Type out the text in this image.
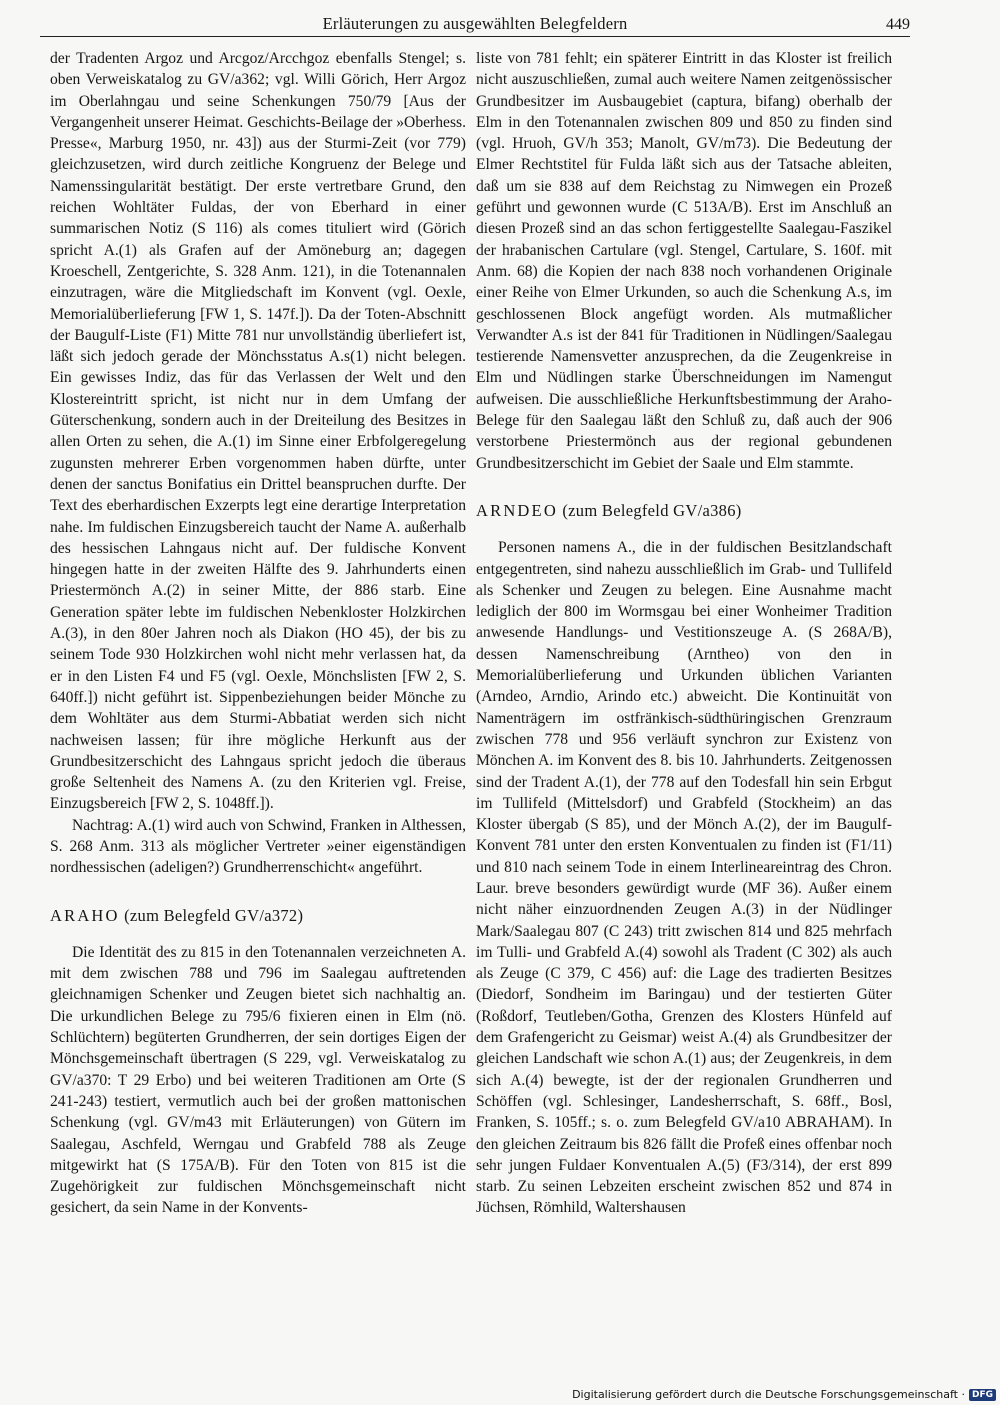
Erläuterungen zu ausgewählten Belegfeldern	449

der Tradenten Argoz und Arcgoz/Arcchgoz ebenfalls Stengel; s. oben Verweiskatalog zu GV/a362; vgl. Willi Görich, Herr Argoz im Oberlahngau und seine Schenkungen 750/79 [Aus der Vergangenheit unserer Heimat. Geschichts-Beilage der »Oberhess. Presse«, Marburg 1950, nr. 43]) aus der Sturmi-Zeit (vor 779) gleichzusetzen, wird durch zeitliche Kongruenz der Belege und Namenssingularität bestätigt. Der erste vertretbare Grund, den reichen Wohltäter Fuldas, der von Eberhard in einer summarischen Notiz (S 116) als comes tituliert wird (Görich spricht A.(1) als Grafen auf der Amöneburg an; dagegen Kroeschell, Zentgerichte, S. 328 Anm. 121), in die Totenannalen einzutragen, wäre die Mitgliedschaft im Konvent (vgl. Oexle, Memorialüberlieferung [FW 1, S. 147f.]). Da der Toten-Abschnitt der Baugulf-Liste (F1) Mitte 781 nur unvollständig überliefert ist, läßt sich jedoch gerade der Mönchsstatus A.s(1) nicht belegen. Ein gewisses Indiz, das für das Verlassen der Welt und den Klostereintritt spricht, ist nicht nur in dem Umfang der Güterschenkung, sondern auch in der Dreiteilung des Besitzes in allen Orten zu sehen, die A.(1) im Sinne einer Erbfolgeregelung zugunsten mehrerer Erben vorgenommen haben dürfte, unter denen der sanctus Bonifatius ein Drittel beanspruchen durfte. Der Text des eberhardischen Exzerpts legt eine derartige Interpretation nahe. Im fuldischen Einzugsbereich taucht der Name A. außerhalb des hessischen Lahngaus nicht auf. Der fuldische Konvent hingegen hatte in der zweiten Hälfte des 9. Jahrhunderts einen Priestermönch A.(2) in seiner Mitte, der 886 starb. Eine Generation später lebte im fuldischen Nebenkloster Holzkirchen A.(3), in den 80er Jahren noch als Diakon (HO 45), der bis zu seinem Tode 930 Holzkirchen wohl nicht mehr verlassen hat, da er in den Listen F4 und F5 (vgl. Oexle, Mönchslisten [FW 2, S. 640ff.]) nicht geführt ist. Sippenbeziehungen beider Mönche zu dem Wohltäter aus dem Sturmi-Abbatiat werden sich nicht nachweisen lassen; für ihre mögliche Herkunft aus der Grundbesitzerschicht des Lahngaus spricht jedoch die überaus große Seltenheit des Namens A. (zu den Kriterien vgl. Freise, Einzugsbereich [FW 2, S. 1048ff.]).

Nachtrag: A.(1) wird auch von Schwind, Franken in Althessen, S. 268 Anm. 313 als möglicher Vertreter »einer eigenständigen nordhessischen (adeligen?) Grundherrenschicht« angeführt.

ARAHO (zum Belegfeld GV/a372)

Die Identität des zu 815 in den Totenannalen verzeichneten A. mit dem zwischen 788 und 796 im Saalegau auftretenden gleichnamigen Schenker und Zeugen bietet sich nachhaltig an. Die urkundlichen Belege zu 795/6 fixieren einen in Elm (nö. Schlüchtern) begüterten Grundherren, der sein dortiges Eigen der Mönchsgemeinschaft übertragen (S 229, vgl. Verweiskatalog zu GV/a370: T 29 Erbo) und bei weiteren Traditionen am Orte (S 241-243) testiert, vermutlich auch bei der großen mattonischen Schenkung (vgl. GV/m43 mit Erläuterungen) von Gütern im Saalegau, Aschfeld, Werngau und Grabfeld 788 als Zeuge mitgewirkt hat (S 175A/B). Für den Toten von 815 ist die Zugehörigkeit zur fuldischen Mönchsgemeinschaft nicht gesichert, da sein Name in der Konvents-

liste von 781 fehlt; ein späterer Eintritt in das Kloster ist freilich nicht auszuschließen, zumal auch weitere Namen zeitgenössischer Grundbesitzer im Ausbaugebiet (captura, bifang) oberhalb der Elm in den Totenannalen zwischen 809 und 850 zu finden sind (vgl. Hruoh, GV/h 353; Manolt, GV/m73). Die Bedeutung der Elmer Rechtstitel für Fulda läßt sich aus der Tatsache ableiten, daß um sie 838 auf dem Reichstag zu Nimwegen ein Prozeß geführt und gewonnen wurde (C 513A/B). Erst im Anschluß an diesen Prozeß sind an das schon fertiggestellte Saalegau-Faszikel der hrabanischen Cartulare (vgl. Stengel, Cartulare, S. 160f. mit Anm. 68) die Kopien der nach 838 noch vorhandenen Originale einer Reihe von Elmer Urkunden, so auch die Schenkung A.s, im geschlossenen Block angefügt worden. Als mutmaßlicher Verwandter A.s ist der 841 für Traditionen in Nüdlingen/Saalegau testierende Namensvetter anzusprechen, da die Zeugenkreise in Elm und Nüdlingen starke Überschneidungen im Namengut aufweisen. Die ausschließliche Herkunftsbestimmung der Araho-Belege für den Saalegau läßt den Schluß zu, daß auch der 906 verstorbene Priestermönch aus der regional gebundenen Grundbesitzerschicht im Gebiet der Saale und Elm stammte.

ARNDEO (zum Belegfeld GV/a386)

Personen namens A., die in der fuldischen Besitzlandschaft entgegentreten, sind nahezu ausschließlich im Grab- und Tullifeld als Schenker und Zeugen zu belegen. Eine Ausnahme macht lediglich der 800 im Wormsgau bei einer Wonheimer Tradition anwesende Handlungs- und Vestitionszeuge A. (S 268A/B), dessen Namenschreibung (Arntheo) von den in Memorialüberlieferung und Urkunden üblichen Varianten (Arndeo, Arndio, Arindo etc.) abweicht. Die Kontinuität von Namenträgern im ostfränkisch-südthüringischen Grenzraum zwischen 778 und 956 verläuft synchron zur Existenz von Mönchen A. im Konvent des 8. bis 10. Jahrhunderts. Zeitgenossen sind der Tradent A.(1), der 778 auf den Todesfall hin sein Erbgut im Tullifeld (Mittelsdorf) und Grabfeld (Stockheim) an das Kloster übergab (S 85), und der Mönch A.(2), der im Baugulf-Konvent 781 unter den ersten Konventualen zu finden ist (F1/11) und 810 nach seinem Tode in einem Interlineareintrag des Chron. Laur. breve besonders gewürdigt wurde (MF 36). Außer einem nicht näher einzuordnenden Zeugen A.(3) in der Nüdlinger Mark/Saalegau 807 (C 243) tritt zwischen 814 und 825 mehrfach im Tulli- und Grabfeld A.(4) sowohl als Tradent (C 302) als auch als Zeuge (C 379, C 456) auf: die Lage des tradierten Besitzes (Diedorf, Sondheim im Baringau) und der testierten Güter (Roßdorf, Teutleben/Gotha, Grenzen des Klosters Hünfeld auf dem Grafengericht zu Geismar) weist A.(4) als Grundbesitzer der gleichen Landschaft wie schon A.(1) aus; der Zeugenkreis, in dem sich A.(4) bewegte, ist der der regionalen Grundherren und Schöffen (vgl. Schlesinger, Landesherrschaft, S. 68ff., Bosl, Franken, S. 105ff.; s. o. zum Belegfeld GV/a10 ABRAHAM). In den gleichen Zeitraum bis 826 fällt die Profeß eines offenbar noch sehr jungen Fuldaer Konventualen A.(5) (F3/314), der erst 899 starb. Zu seinen Lebzeiten erscheint zwischen 852 und 874 in Jüchsen, Römhild, Waltershausen

Digitalisierung gefördert durch die Deutsche Forschungsgemeinschaft · DFG
